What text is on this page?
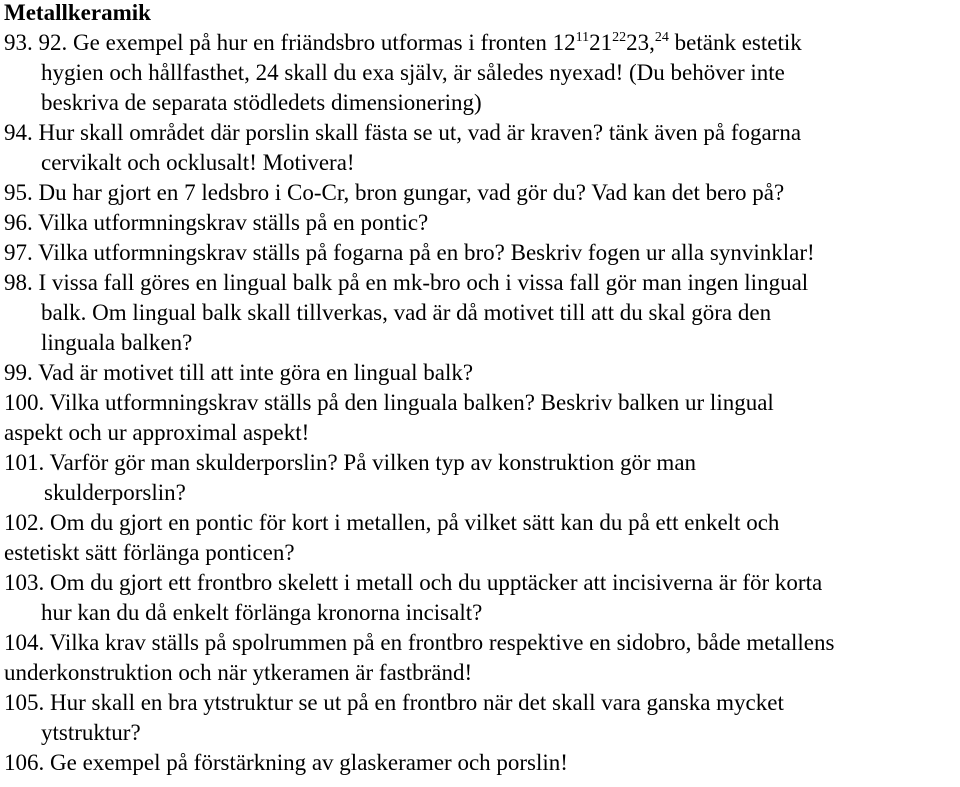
Metallkeramik
93. 92. Ge exempel på hur en friändsbro utformas i fronten $12^{11}21^{22}23,24$ betänk estetik
hygien och hållfasthet, 24 skall du exa själv, är således nyexad! (Du behöver inte
beskriva de separata stödledets dimensionering)
94. Hur skall området där porslin skall fästa se ut, vad är kraven? tänk även på fogarna
cervikalt och ocklusalt! Motivera!
95. Du har gjort en 7 ledsbro i Co-Cr, bron gungar, vad gör du? Vad kan det bero på?
96. Vilka utformningskrav ställs på en pontic?
97. Vilka utformningskrav ställs på fogarna på en bro? Beskriv fogen ur alla synvinklar!
98. I vissa fall göres en lingual balk på en mk-bro och i vissa fall gör man ingen lingual
balk. Om lingual balk skall tillverkas, vad är då motivet till att du skal göra den
linguala balken?
99. Vad är motivet till att inte göra en lingual balk?
100. Vilka utformningskrav ställs på den linguala balken? Beskriv balken ur lingual
aspekt och ur approximal aspekt!
101. Varför gör man skulderporslin? På vilken typ av konstruktion gör man
skulderporslin?
102. Om du gjort en pontic för kort i metallen, på vilket sätt kan du på ett enkelt och
estetiskt sätt förlänga ponticen?
103. Om du gjort ett frontbro skelett i metall och du upptäcker att incisiverna är för korta
hur kan du då enkelt förlänga kronorna incisalt?
104. Vilka krav ställs på spolrummen på en frontbro respektive en sidobro, både metallens
underkonstruktion och när ytkeramen är fastbränd!
105. Hur skall en bra ytstruktur se ut på en frontbro när det skall vara ganska mycket
ytstruktur?
106. Ge exempel på förstärkning av glaskeramer och porslin!
